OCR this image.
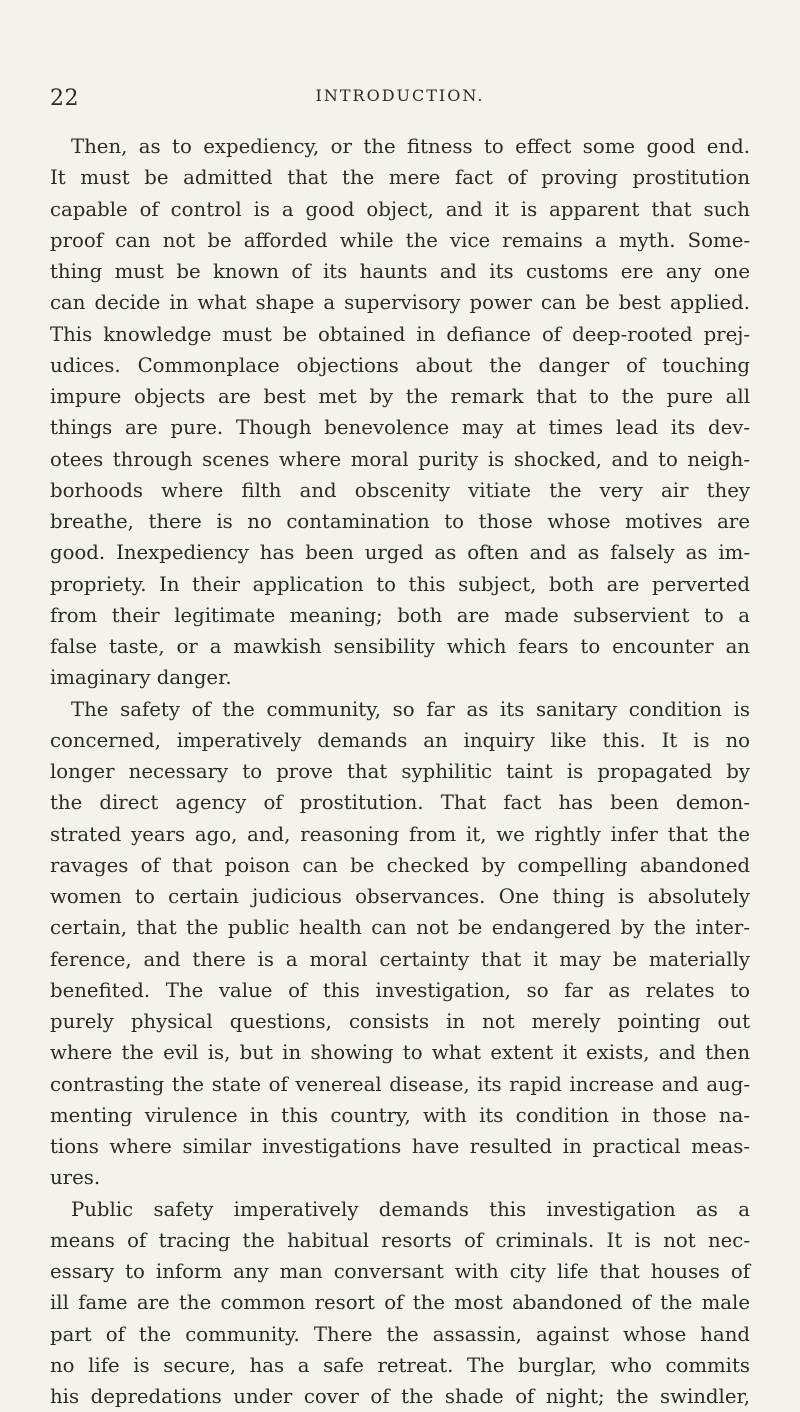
22	INTRODUCTION.
Then, as to expediency, or the fitness to effect some good end.
It must be admitted that the mere fact of proving prostitution
capable of control is a good object, and it is apparent that such
proof can not be afforded while the vice remains a myth. Some-
thing must be known of its haunts and its customs ere any one
can decide in what shape a supervisory power can be best applied.
This knowledge must be obtained in defiance of deep-rooted prej-
udices. Commonplace objections about the danger of touching
impure objects are best met by the remark that to the pure all
things are pure. Though benevolence may at times lead its dev-
otees through scenes where moral purity is shocked, and to neigh-
borhoods where filth and obscenity vitiate the very air they
breathe, there is no contamination to those whose motives are
good. Inexpediency has been urged as often and as falsely as im-
propriety. In their application to this subject, both are perverted
from their legitimate meaning; both are made subservient to a
false taste, or a mawkish sensibility which fears to encounter an
imaginary danger.
The safety of the community, so far as its sanitary condition is
concerned, imperatively demands an inquiry like this. It is no
longer necessary to prove that syphilitic taint is propagated by
the direct agency of prostitution. That fact has been demon-
strated years ago, and, reasoning from it, we rightly infer that the
ravages of that poison can be checked by compelling abandoned
women to certain judicious observances. One thing is absolutely
certain, that the public health can not be endangered by the inter-
ference, and there is a moral certainty that it may be materially
benefited. The value of this investigation, so far as relates to
purely physical questions, consists in not merely pointing out
where the evil is, but in showing to what extent it exists, and then
contrasting the state of venereal disease, its rapid increase and aug-
menting virulence in this country, with its condition in those na-
tions where similar investigations have resulted in practical meas-
ures.
Public safety imperatively demands this investigation as a
means of tracing the habitual resorts of criminals. It is not nec-
essary to inform any man conversant with city life that houses of
ill fame are the common resort of the most abandoned of the male
part of the community. There the assassin, against whose hand
no life is secure, has a safe retreat. The burglar, who commits
his depredations under cover of the shade of night; the swindler,
